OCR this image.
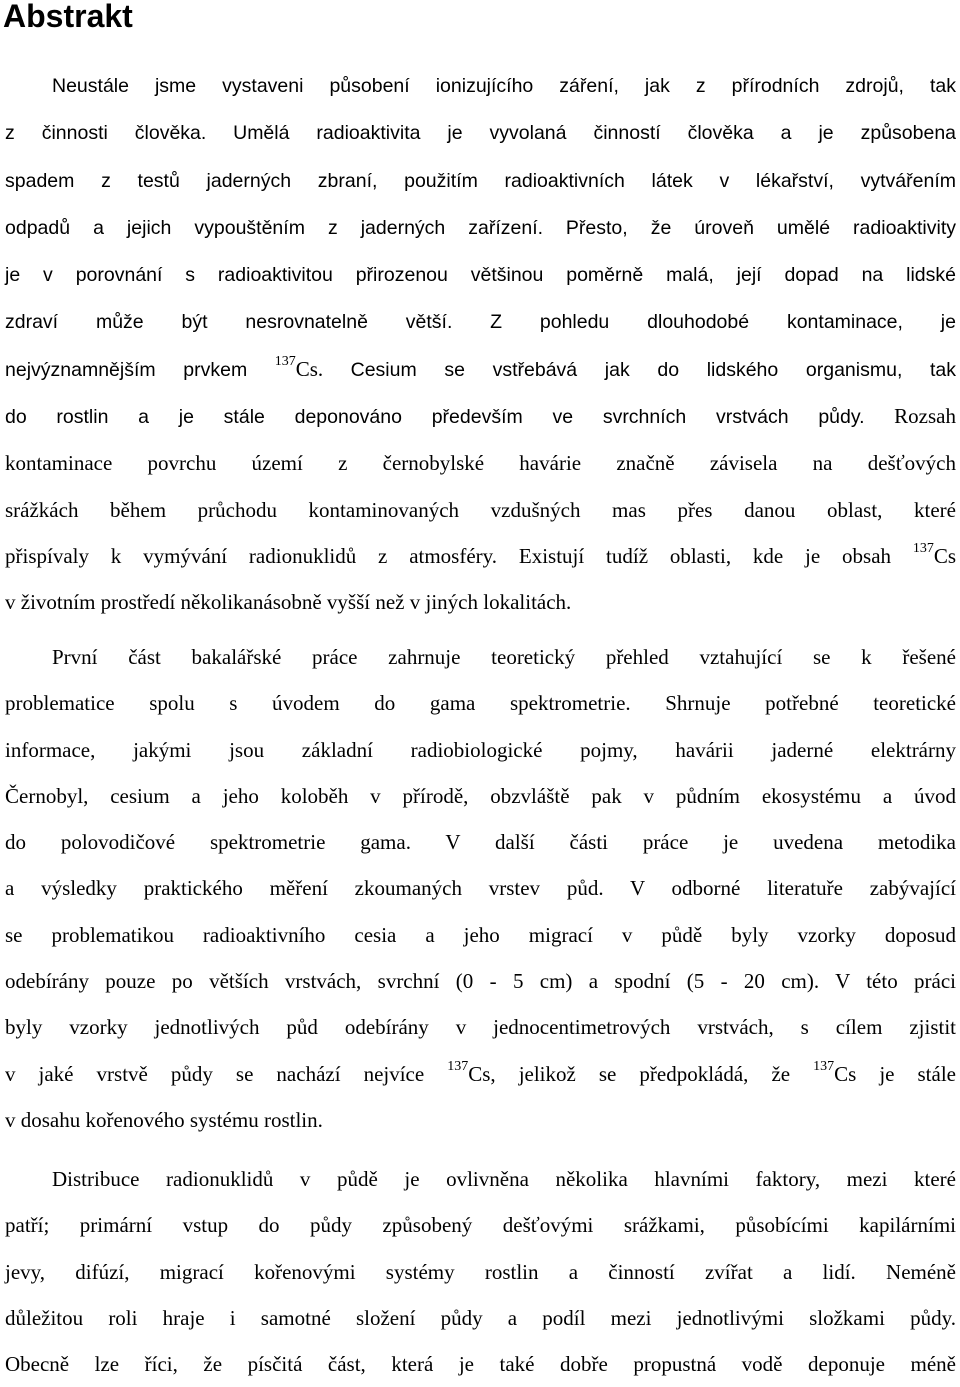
Abstrakt
Neustále jsme vystaveni působení ionizujícího záření, jak z přírodních zdrojů, tak
z činnosti člověka. Umělá radioaktivita je vyvolaná činností člověka a je způsobena
spadem z testů jaderných zbraní, použitím radioaktivních látek v lékařství, vytvářením
odpadů a jejich vypouštěním z jaderných zařízení. Přesto, že úroveň umělé radioaktivity
je v porovnání s radioaktivitou přirozenou většinou poměrně malá, její dopad na lidské
zdraví může být nesrovnatelně větší. Z pohledu dlouhodobé kontaminace, je
nejvýznamnějším prvkem $^{137}$Cs. Cesium se vstřebává jak do lidského organismu, tak
do rostlin a je stále deponováno především ve svrchních vrstvách půdy. Rozsah
kontaminace povrchu území z černobylské havárie značně závisela na dešťových
srážkách během průchodu kontaminovaných vzdušných mas přes danou oblast, které
přispívaly k vymývání radionuklidů z atmosféry. Existují tudíž oblasti, kde je obsah $^{137}$Cs
v životním prostředí několikanásobně vyšší než v jiných lokalitách.
První část bakalářské práce zahrnuje teoretický přehled vztahující se k řešené
problematice spolu s úvodem do gama spektrometrie. Shrnuje potřebné teoretické
informace, jakými jsou základní radiobiologické pojmy, havárii jaderné elektrárny
Černobyl, cesium a jeho koloběh v přírodě, obzvláště pak v půdním ekosystému a úvod
do polovodičové spektrometrie gama. V další části práce je uvedena metodika
a výsledky praktického měření zkoumaných vrstev půd. V odborné literatuře zabývající
se problematikou radioaktivního cesia a jeho migrací v půdě byly vzorky doposud
odebírány pouze po větších vrstvách, svrchní (0 - 5 cm) a spodní (5 - 20 cm). V této práci
byly vzorky jednotlivých půd odebírány v jednocentimetrových vrstvách, s cílem zjistit
v jaké vrstvě půdy se nachází nejvíce $^{137}$Cs, jelikož se předpokládá, že $^{137}$Cs je stále
v dosahu kořenového systému rostlin.
Distribuce radionuklidů v půdě je ovlivněna několika hlavními faktory, mezi které
patří; primární vstup do půdy způsobený dešťovými srážkami, působícími kapilárními
jevy, difúzí, migrací kořenovými systémy rostlin a činností zvířat a lidí. Neméně
důležitou roli hraje i samotné složení půdy a podíl mezi jednotlivými složkami půdy.
Obecně lze říci, že písčitá část, která je také dobře propustná vodě deponuje méně
